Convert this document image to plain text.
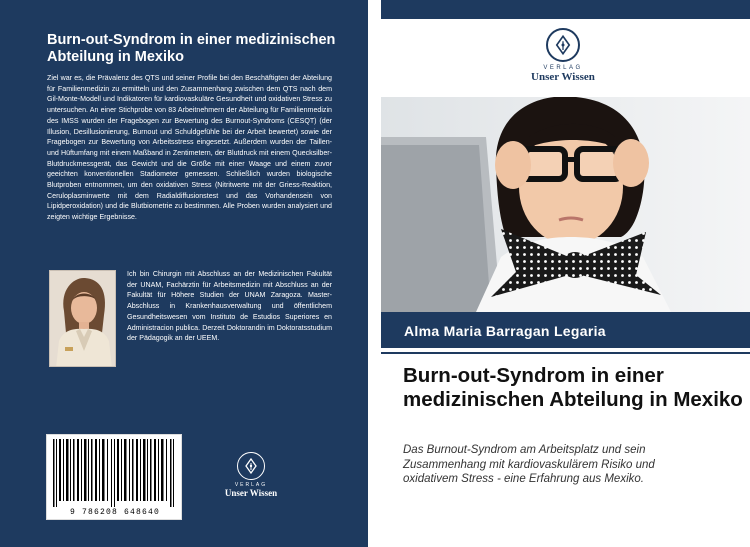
Burn-out-Syndrom in einer medizinischen Abteilung in Mexiko
Ziel war es, die Prävalenz des QTS und seiner Profile bei den Beschäftigten der Abteilung für Familienmedizin zu ermitteln und den Zusammenhang zwischen dem QTS nach dem Gil-Monte-Modell und Indikatoren für kardiovaskuläre Gesundheit und oxidativen Stress zu untersuchen. An einer Stichprobe von 83 Arbeitnehmern der Abteilung für Familienmedizin des IMSS wurden der Fragebogen zur Bewertung des Burnout-Syndroms (CESQT) (der Illusion, Desillusionierung, Burnout und Schuldgefühle bei der Arbeit bewertet) sowie der Fragebogen zur Bewertung von Arbeitsstress eingesetzt. Außerdem wurden der Taillen- und Hüftumfang mit einem Maßband in Zentimetern, der Blutdruck mit einem Quecksilber-Blutdruckmessgerät, das Gewicht und die Größe mit einer Waage und einem zuvor geeichten konventionellen Stadiometer gemessen. Schließlich wurden biologische Blutproben entnommen, um den oxidativen Stress (Nitritwerte mit der Griess-Reaktion, Ceruloplasminwerte mit dem Radialdiffusionstest und das Vorhandensein von Lipidperoxidation) und die Blutbiometrie zu bestimmen. Alle Proben wurden analysiert und zeigten wichtige Ergebnisse.
Ich bin Chirurgin mit Abschluss an der Medizinischen Fakultät der UNAM, Fachärztin für Arbeitsmedizin mit Abschluss an der Fakultät für Höhere Studien der UNAM Zaragoza. Master-Abschluss in Krankenhausverwaltung und öffentlichem Gesundheitswesen vom Instituto de Estudios Superiores en Administracion publica. Derzeit Doktorandin im Doktoratsstudium der Pädagogik an der UEEM.
9 786208 648640
VERLAG
Unser Wissen
VERLAG
Unser Wissen
Alma Maria Barragan Legaria
Burn-out-Syndrom in einer medizinischen Abteilung in Mexiko
Das Burnout-Syndrom am Arbeitsplatz und sein Zusammenhang mit kardiovaskulärem Risiko und oxidativem Stress - eine Erfahrung aus Mexiko.
